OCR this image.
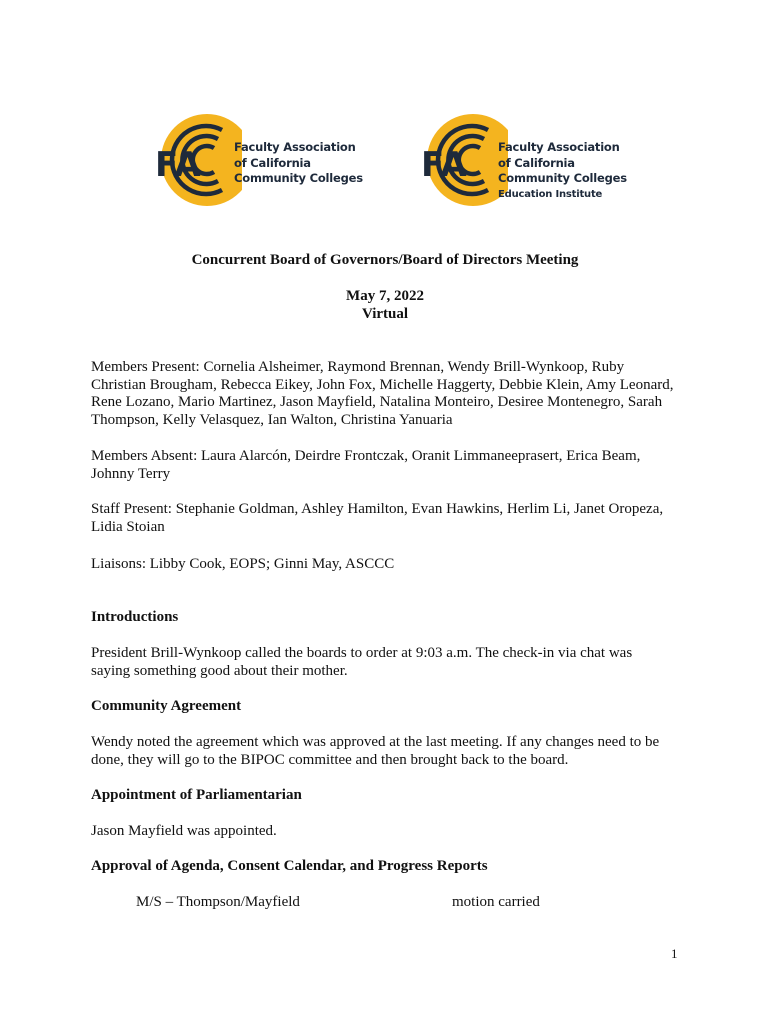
FA	Faculty Association
of California
Community Colleges FA	Faculty Association
of California
Community Colleges
Education Institute
Concurrent Board of Governors/Board of Directors Meeting
May 7, 2022
Virtual
Members Present: Cornelia Alsheimer, Raymond Brennan, Wendy Brill-Wynkoop, Ruby
Christian Brougham, Rebecca Eikey, John Fox, Michelle Haggerty, Debbie Klein, Amy Leonard,
Rene Lozano, Mario Martinez, Jason Mayfield, Natalina Monteiro, Desiree Montenegro, Sarah
Thompson, Kelly Velasquez, Ian Walton, Christina Yanuaria
Members Absent: Laura Alarcón, Deirdre Frontczak, Oranit Limmaneeprasert, Erica Beam,
Johnny Terry
Staff Present: Stephanie Goldman, Ashley Hamilton, Evan Hawkins, Herlim Li, Janet Oropeza,
Lidia Stoian
Liaisons: Libby Cook, EOPS; Ginni May, ASCCC
Introductions
President Brill-Wynkoop called the boards to order at 9:03 a.m. The check-in via chat was
saying something good about their mother.
Community Agreement
Wendy noted the agreement which was approved at the last meeting. If any changes need to be
done, they will go to the BIPOC committee and then brought back to the board.
Appointment of Parliamentarian
Jason Mayfield was appointed.
Approval of Agenda, Consent Calendar, and Progress Reports
M/S – Thompson/Mayfield	motion carried
1
